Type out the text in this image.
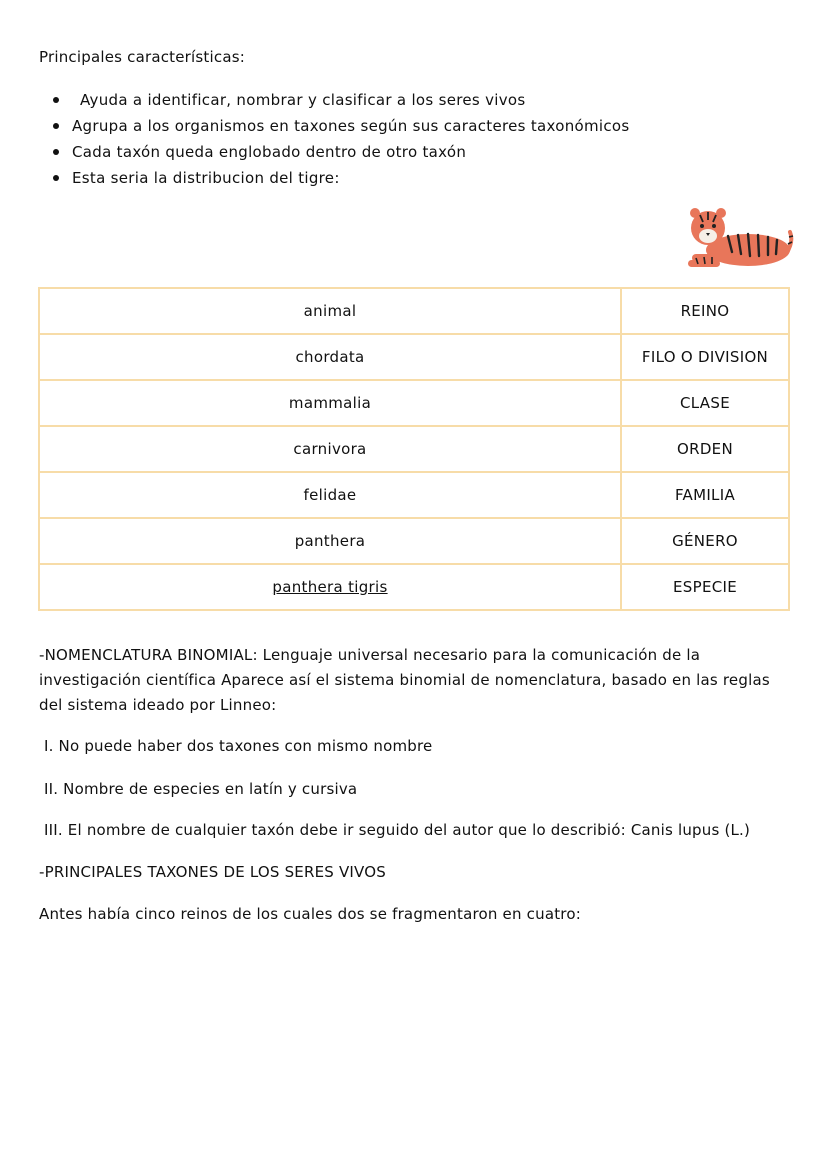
Principales características:
Ayuda a identificar, nombrar y clasificar a los seres vivos
Agrupa a los organismos en taxones según sus caracteres taxonómicos
Cada taxón queda englobado dentro de otro taxón
Esta seria la distribucion del tigre:
animal	REINO
chordata	FILO O DIVISION
mammalia	CLASE
carnivora	ORDEN
felidae	FAMILIA
panthera	GÉNERO
panthera tigris	ESPECIE
-NOMENCLATURA BINOMIAL: Lenguaje universal necesario para la comunicación de la investigación científica Aparece así el sistema binomial de nomenclatura, basado en las reglas del sistema ideado por Linneo:
I. No puede haber dos taxones con mismo nombre
II. Nombre de especies en latín y cursiva
III. El nombre de cualquier taxón debe ir seguido del autor que lo describió: Canis lupus (L.)
-PRINCIPALES TAXONES DE LOS SERES VIVOS
Antes había cinco reinos de los cuales dos se fragmentaron en cuatro:
